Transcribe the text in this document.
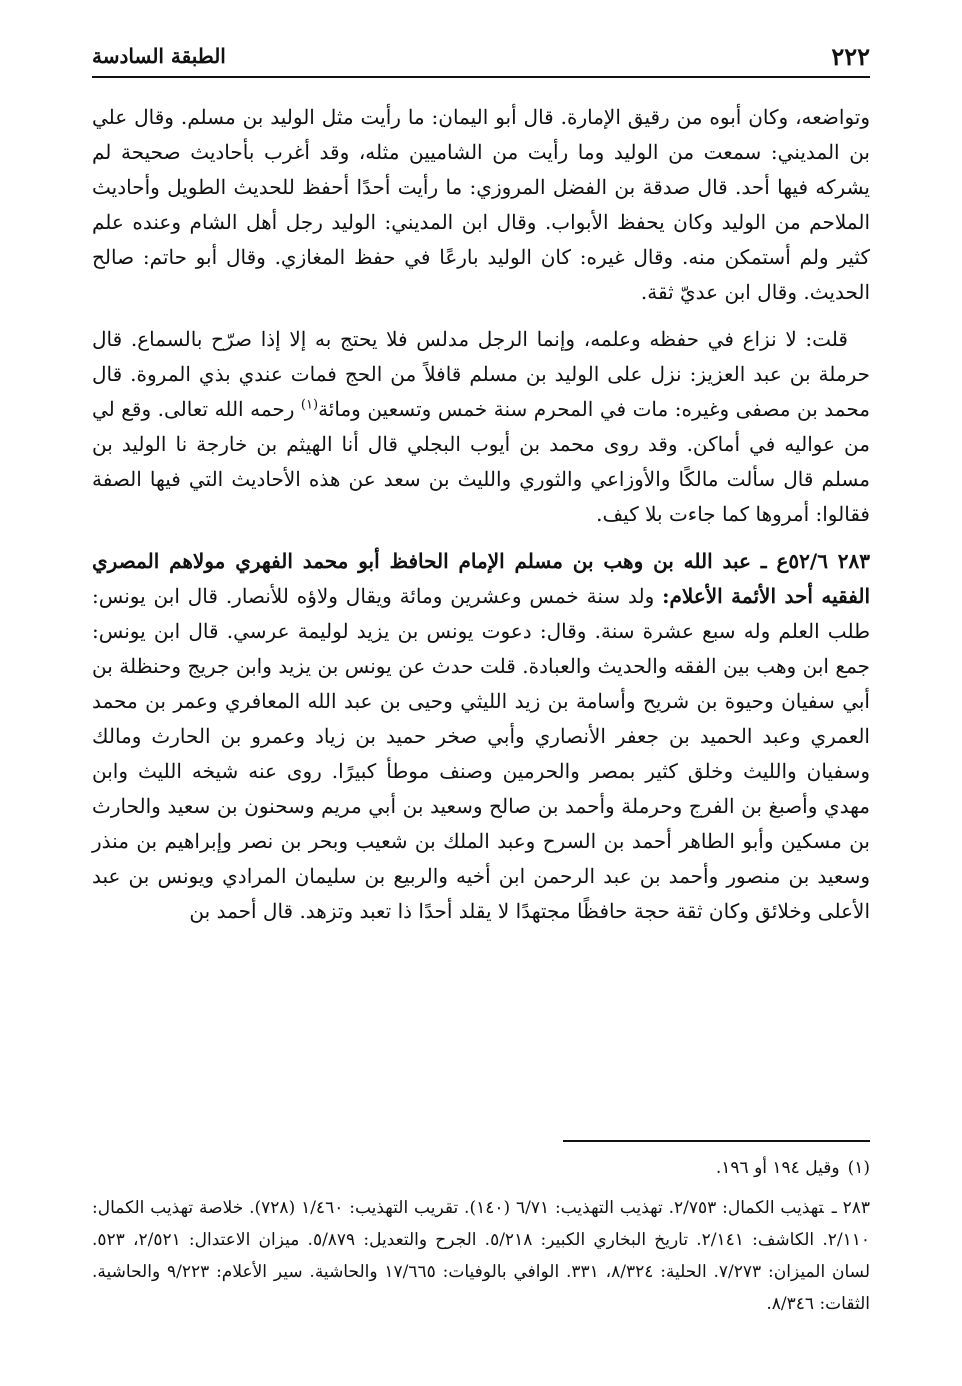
٢٢٢
الطبقة السادسة

وتواضعه، وكان أبوه من رقيق الإمارة. قال أبو اليمان: ما رأيت مثل الوليد بن مسلم. وقال علي بن المديني: سمعت من الوليد وما رأيت من الشاميين مثله، وقد أغرب بأحاديث صحيحة لم يشركه فيها أحد. قال صدقة بن الفضل المروزي: ما رأيت أحدًا أحفظ للحديث الطويل وأحاديث الملاحم من الوليد وكان يحفظ الأبواب. وقال ابن المديني: الوليد رجل أهل الشام وعنده علم كثير ولم أستمكن منه. وقال غيره: كان الوليد بارعًا في حفظ المغازي. وقال أبو حاتم: صالح الحديث. وقال ابن عديّ ثقة.

قلت: لا نزاع في حفظه وعلمه، وإنما الرجل مدلس فلا يحتج به إلا إذا صرّح بالسماع. قال حرملة بن عبد العزيز: نزل على الوليد بن مسلم قافلاً من الحج فمات عندي بذي المروة. قال محمد بن مصفى وغيره: مات في المحرم سنة خمس وتسعين ومائة$^{(١)}$ رحمه الله تعالى. وقع لي من عواليه في أماكن. وقد روى محمد بن أيوب البجلي قال أنا الهيثم بن خارجة نا الوليد بن مسلم قال سألت مالكًا والأوزاعي والثوري والليث بن سعد عن هذه الأحاديث التي فيها الصفة فقالوا: أمروها كما جاءت بلا كيف.

٢٨٣ ٥٢/٦ع ـ عبد الله بن وهب بن مسلم الإمام الحافظ أبو محمد الفهري مولاهم المصري الفقيه أحد الأئمة الأعلام: ولد سنة خمس وعشرين ومائة ويقال ولاؤه للأنصار. قال ابن يونس: طلب العلم وله سبع عشرة سنة. وقال: دعوت يونس بن يزيد لوليمة عرسي. قال ابن يونس: جمع ابن وهب بين الفقه والحديث والعبادة. قلت حدث عن يونس بن يزيد وابن جريج وحنظلة بن أبي سفيان وحيوة بن شريح وأسامة بن زيد الليثي وحيى بن عبد الله المعافري وعمر بن محمد العمري وعبد الحميد بن جعفر الأنصاري وأبي صخر حميد بن زياد وعمرو بن الحارث ومالك وسفيان والليث وخلق كثير بمصر والحرمين وصنف موطأ كبيرًا. روى عنه شيخه الليث وابن مهدي وأصبغ بن الفرج وحرملة وأحمد بن صالح وسعيد بن أبي مريم وسحنون بن سعيد والحارث بن مسكين وأبو الطاهر أحمد بن السرح وعبد الملك بن شعيب وبحر بن نصر وإبراهيم بن منذر وسعيد بن منصور وأحمد بن عبد الرحمن ابن أخيه والربيع بن سليمان المرادي ويونس بن عبد الأعلى وخلائق وكان ثقة حجة حافظًا مجتهدًا لا يقلد أحدًا ذا تعبد وتزهد. قال أحمد بن

(١)وقيل ١٩٤ أو ١٩٦.

٢٨٣ ـتهذيب الكمال: ٢/٧٥٣. تهذيب التهذيب: ٦/٧١ (١٤٠). تقريب التهذيب: ١/٤٦٠ (٧٢٨). خلاصة تهذيب الكمال: ٢/١١٠. الكاشف: ٢/١٤١. تاريخ البخاري الكبير: ٥/٢١٨. الجرح والتعديل: ٥/٨٧٩. ميزان الاعتدال: ٢/٥٢١، ٥٢٣. لسان الميزان: ٧/٢٧٣. الحلية: ٨/٣٢٤، ٣٣١. الوافي بالوفيات: ١٧/٦٦٥ والحاشية. سير الأعلام: ٩/٢٢٣ والحاشية. الثقات: ٨/٣٤٦.
